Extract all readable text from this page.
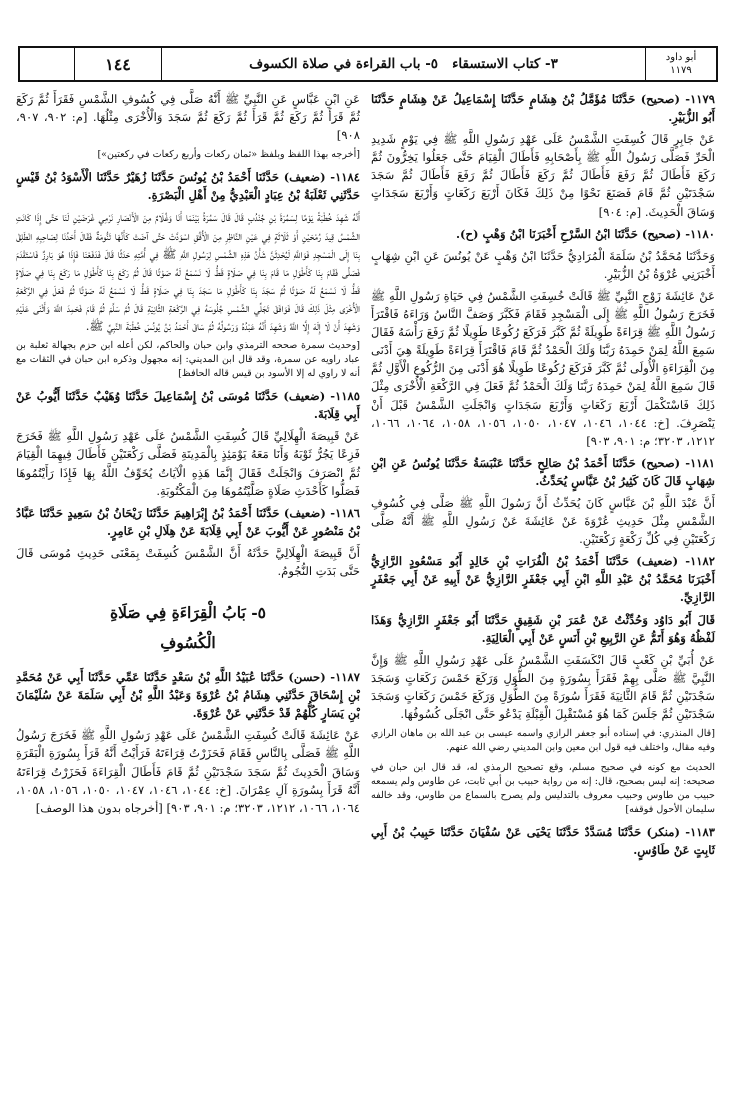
أبو داود
١١٧٩
٣- كتاب الاستسقاء
٥- باب القراءة في صلاة الكسوف
١٤٤

١١٧٩- (صحيح) حَدَّثَنَا مُؤَمَّلُ بْنُ هِشَامٍ حَدَّثَنَا إِسْمَاعِيلُ عَنْ هِشَامٍ حَدَّثَنَا أَبُو الزُّبَيْرِ.

عَنْ جَابِرٍ قَالَ كُسِفَتِ الشَّمْسُ عَلَى عَهْدِ رَسُولِ اللَّهِ ﷺ فِي يَوْمٍ شَدِيدِ الْحَرِّ فَصَلَّى رَسُولُ اللَّهِ ﷺ بِأَصْحَابِهِ فَأَطَالَ الْقِيَامَ حَتَّى جَعَلُوا يَخِرُّونَ ثُمَّ رَكَعَ فَأَطَالَ ثُمَّ رَفَعَ فَأَطَالَ ثُمَّ رَكَعَ فَأَطَالَ ثُمَّ رَفَعَ فَأَطَالَ ثُمَّ سَجَدَ سَجْدَتَيْنِ ثُمَّ قَامَ فَصَنَعَ نَحْوًا مِنْ ذَلِكَ فَكَانَ أَرْبَعَ رَكَعَاتٍ وَأَرْبَعَ سَجَدَاتٍ وَسَاقَ الْحَدِيثَ. [م: ٩٠٤]

١١٨٠- (صحيح) حَدَّثَنَا ابْنُ السَّرْحِ أَخْبَرَنَا ابْنُ وَهْبٍ (ح).

وَحَدَّثَنَا مُحَمَّدُ بْنُ سَلَمَةَ الْمُرَادِيُّ حَدَّثَنَا ابْنُ وَهْبٍ عَنْ يُونُسَ عَنِ ابْنِ شِهَابٍ أَخْبَرَنِي عُرْوَةُ بْنُ الزُّبَيْرِ.

عَنْ عَائِشَةَ زَوْجِ النَّبِيِّ ﷺ قَالَتْ خُسِفَتِ الشَّمْسُ فِي حَيَاةِ رَسُولِ اللَّهِ ﷺ فَخَرَجَ رَسُولُ اللَّهِ ﷺ إِلَى الْمَسْجِدِ فَقَامَ فَكَبَّرَ وَصَفَّ النَّاسُ وَرَاءَهُ فَاقْتَرَأَ رَسُولُ اللَّهِ ﷺ قِرَاءَةً طَوِيلَةً ثُمَّ كَبَّرَ فَرَكَعَ رُكُوعًا طَوِيلًا ثُمَّ رَفَعَ رَأْسَهُ فَقَالَ سَمِعَ اللَّهُ لِمَنْ حَمِدَهُ رَبَّنَا وَلَكَ الْحَمْدُ ثُمَّ قَامَ فَاقْتَرَأَ قِرَاءَةً طَوِيلَةً هِيَ أَدْنَى مِنَ الْقِرَاءَةِ الْأُولَى ثُمَّ كَبَّرَ فَرَكَعَ رُكُوعًا طَوِيلًا هُوَ أَدْنَى مِنَ الرُّكُوعِ الْأَوَّلِ ثُمَّ قَالَ سَمِعَ اللَّهُ لِمَنْ حَمِدَهُ رَبَّنَا وَلَكَ الْحَمْدُ ثُمَّ فَعَلَ فِي الرَّكْعَةِ الْأُخْرَى مِثْلَ ذَلِكَ فَاسْتَكْمَلَ أَرْبَعَ رَكَعَاتٍ وَأَرْبَعَ سَجَدَاتٍ وَانْجَلَتِ الشَّمْسُ قَبْلَ أَنْ يَنْصَرِفَ. [خ: ١٠٤٤، ١٠٤٦، ١٠٤٧، ١٠٥٠، ١٠٥٦، ١٠٥٨، ١٠٦٤، ١٠٦٦، ١٢١٢، ٣٢٠٣؛ م: ٩٠١، ٩٠٣]

١١٨١- (صحيح) حَدَّثَنَا أَحْمَدُ بْنُ صَالِحٍ حَدَّثَنَا عَنْبَسَةُ حَدَّثَنَا يُونُسُ عَنِ ابْنِ شِهَابٍ قَالَ كَانَ كَثِيرُ بْنُ عَبَّاسٍ يُحَدِّثُ.

أَنَّ عَبْدَ اللَّهِ بْنَ عَبَّاسٍ كَانَ يُحَدِّثُ أَنَّ رَسُولَ اللَّهِ ﷺ صَلَّى فِي كُسُوفِ الشَّمْسِ مِثْلَ حَدِيثِ عُرْوَةَ عَنْ عَائِشَةَ عَنْ رَسُولِ اللَّهِ ﷺ أَنَّهُ صَلَّى رَكْعَتَيْنِ فِي كُلِّ رَكْعَةٍ رَكْعَتَيْنِ.

١١٨٢- (ضعيف) حَدَّثَنَا أَحْمَدُ بْنُ الْفُرَاتِ بْنِ خَالِدٍ أَبُو مَسْعُودٍ الرَّازِيُّ أَخْبَرَنَا مُحَمَّدُ بْنُ عَبْدِ اللَّهِ ابْنِ أَبِي جَعْفَرٍ الرَّازِيُّ عَنْ أَبِيهِ عَنْ أَبِي جَعْفَرٍ الرَّازِيِّ.

قَالَ أَبُو دَاوُد وَحُدِّثْتُ عَنْ عُمَرَ بْنِ شَقِيقٍ حَدَّثَنَا أَبُو جَعْفَرٍ الرَّازِيُّ وَهَذَا لَفْظُهُ وَهُوَ أَتَمُّ عَنِ الرَّبِيعِ بْنِ أَنَسٍ عَنْ أَبِي الْعَالِيَةِ.

عَنْ أُبَيِّ بْنِ كَعْبٍ قَالَ انْكَسَفَتِ الشَّمْسُ عَلَى عَهْدِ رَسُولِ اللَّهِ ﷺ وَإِنَّ النَّبِيَّ ﷺ صَلَّى بِهِمْ فَقَرَأَ بِسُورَةٍ مِنَ الطُّوَلِ وَرَكَعَ خَمْسَ رَكَعَاتٍ وَسَجَدَ سَجْدَتَيْنِ ثُمَّ قَامَ الثَّانِيَةَ فَقَرَأَ سُورَةً مِنَ الطُّوَلِ وَرَكَعَ خَمْسَ رَكَعَاتٍ وَسَجَدَ سَجْدَتَيْنِ ثُمَّ جَلَسَ كَمَا هُوَ مُسْتَقْبِلَ الْقِبْلَةِ يَدْعُو حَتَّى انْجَلَى كُسُوفُهَا.

[قال المنذري: في إسناده أبو جعفر الرازي واسمه عيسى بن عبد الله بن ماهان الرازي وفيه مقال، واختلف فيه قول ابن معين وابن المديني رضي الله عنهم.

الحديث مع كونه في صحيح مسلم، وقع تصحيح الرمذي له، قد قال ابن حبان في صحيحه: إنه ليس بصحيح، قال: إنه من رواية حبيب بن أبي ثابت، عن طاوس ولم يسمعه حبيب من طاوس وحبيب معروف بالتدليس ولم يصرح بالسماع من طاوس، وقد خالفه سليمان الأحول فوقفه]

١١٨٣- (منكر) حَدَّثَنَا مُسَدَّدٌ حَدَّثَنَا يَحْيَى عَنْ سُفْيَانَ حَدَّثَنَا حَبِيبُ بْنُ أَبِي ثَابِتٍ عَنْ طَاوُسٍ.

عَنِ ابْنِ عَبَّاسٍ عَنِ النَّبِيِّ ﷺ أَنَّهُ صَلَّى فِي كُسُوفِ الشَّمْسِ فَقَرَأَ ثُمَّ رَكَعَ ثُمَّ قَرَأَ ثُمَّ رَكَعَ ثُمَّ قَرَأَ ثُمَّ رَكَعَ ثُمَّ سَجَدَ وَالْأُخْرَى مِثْلُهَا. [م: ٩٠٢، ٩٠٧، ٩٠٨]

[أخرجه بهذا اللفظ وبلفظ «ثمان ركعات وأربع ركعات في ركعتين»]

١١٨٤- (ضعيف) حَدَّثَنَا أَحْمَدُ بْنُ يُونُسَ حَدَّثَنَا زُهَيْرٌ حَدَّثَنَا الْأَسْوَدُ بْنُ قَيْسٍ حَدَّثَنِي ثَعْلَبَةُ بْنُ عِبَادٍ الْعَبْدِيُّ مِنْ أَهْلِ الْبَصْرَةِ.

أَنَّهُ شَهِدَ خُطْبَةً يَوْمًا لِسَمُرَةَ بْنِ جُنْدُبٍ قَالَ قَالَ سَمُرَةُ بَيْنَمَا أَنَا وَغُلَامٌ مِنَ الْأَنْصَارِ نَرْمِي غَرَضَيْنِ لَنَا حَتَّى إِذَا كَانَتِ الشَّمْسُ قِيدَ رُمْحَيْنِ أَوْ ثَلَاثَةٍ فِي عَيْنِ النَّاظِرِ مِنَ الْأُفُقِ اسْوَدَّتْ حَتَّى آضَتْ كَأَنَّهَا تَنُّومَةٌ فَقَالَ أَحَدُنَا لِصَاحِبِهِ انْطَلِقْ بِنَا إِلَى الْمَسْجِدِ فَوَاللَّهِ لَيُحْدِثَنَّ شَأْنُ هَذِهِ الشَّمْسِ لِرَسُولِ اللَّهِ ﷺ فِي أُمَّتِهِ حَدَثًا قَالَ فَدَفَعْنَا فَإِذَا هُوَ بَارِزٌ فَاسْتَقْدَمَ فَصَلَّى فَقَامَ بِنَا كَأَطْوَلِ مَا قَامَ بِنَا فِي صَلَاةٍ قَطُّ لَا نَسْمَعُ لَهُ صَوْتًا قَالَ ثُمَّ رَكَعَ بِنَا كَأَطْوَلِ مَا رَكَعَ بِنَا فِي صَلَاةٍ قَطُّ لَا نَسْمَعُ لَهُ صَوْتًا ثُمَّ سَجَدَ بِنَا كَأَطْوَلِ مَا سَجَدَ بِنَا فِي صَلَاةٍ قَطُّ لَا نَسْمَعُ لَهُ صَوْتًا ثُمَّ فَعَلَ فِي الرَّكْعَةِ الْأُخْرَى مِثْلَ ذَلِكَ قَالَ فَوَافَقَ تَجَلِّي الشَّمْسِ جُلُوسَهُ فِي الرَّكْعَةِ الثَّانِيَةِ قَالَ ثُمَّ سَلَّمَ ثُمَّ قَامَ فَحَمِدَ اللَّهَ وَأَثْنَى عَلَيْهِ وَشَهِدَ أَنْ لَا إِلَهَ إِلَّا اللَّهُ وَشَهِدَ أَنَّهُ عَبْدُهُ وَرَسُولُهُ ثُمَّ سَاقَ أَحْمَدُ بْنُ يُونُسَ خُطْبَةَ النَّبِيِّ ﷺ.

[وحديث سمرة صححه الترمذي وابن حبان والحاكم، لكن أعله ابن حزم بجهالة ثعلبة بن عباد راويه عن سمرة، وقد قال ابن المديني: إنه مجهول وذكره ابن حبان في الثقات مع أنه لا راوي له إلا الأسود بن قيس قاله الحافظ]

١١٨٥- (ضعيف) حَدَّثَنَا مُوسَى بْنُ إِسْمَاعِيلَ حَدَّثَنَا وُهَيْبٌ حَدَّثَنَا أَيُّوبُ عَنْ أَبِي قِلَابَةَ.

عَنْ قَبِيصَةَ الْهِلَالِيِّ قَالَ كُسِفَتِ الشَّمْسُ عَلَى عَهْدِ رَسُولِ اللَّهِ ﷺ فَخَرَجَ فَزِعًا يَجُرُّ ثَوْبَهُ وَأَنَا مَعَهُ يَوْمَئِذٍ بِالْمَدِينَةِ فَصَلَّى رَكْعَتَيْنِ فَأَطَالَ فِيهِمَا الْقِيَامَ ثُمَّ انْصَرَفَ وَانْجَلَتْ فَقَالَ إِنَّمَا هَذِهِ الْآيَاتُ يُخَوِّفُ اللَّهُ بِهَا فَإِذَا رَأَيْتُمُوهَا فَصَلُّوا كَأَحْدَثِ صَلَاةٍ صَلَّيْتُمُوهَا مِنَ الْمَكْتُوبَةِ.

١١٨٦- (ضعيف) حَدَّثَنَا أَحْمَدُ بْنُ إِبْرَاهِيمَ حَدَّثَنَا رَيْحَانُ بْنُ سَعِيدٍ حَدَّثَنَا عَبَّادُ بْنُ مَنْصُورٍ عَنْ أَيُّوبَ عَنْ أَبِي قِلَابَةَ عَنْ هِلَالِ بْنِ عَامِرٍ.

أَنَّ قَبِيصَةَ الْهِلَالِيَّ حَدَّثَهُ أَنَّ الشَّمْسَ كُسِفَتْ بِمَعْنَى حَدِيثِ مُوسَى قَالَ حَتَّى بَدَتِ النُّجُومُ.

٥- بَابُ الْقِرَاءَةِ فِي صَلَاةِ
الْكُسُوفِ

١١٨٧- (حسن) حَدَّثَنَا عُبَيْدُ اللَّهِ بْنُ سَعْدٍ حَدَّثَنَا عَمِّي حَدَّثَنَا أَبِي عَنْ مُحَمَّدِ بْنِ إِسْحَاقَ حَدَّثَنِي هِشَامُ بْنُ عُرْوَةَ وَعَبْدُ اللَّهِ بْنُ أَبِي سَلَمَةَ عَنْ سُلَيْمَانَ بْنِ يَسَارٍ كُلُّهُمْ قَدْ حَدَّثَنِي عَنْ عُرْوَةَ.

عَنْ عَائِشَةَ قَالَتْ كُسِفَتِ الشَّمْسُ عَلَى عَهْدِ رَسُولِ اللَّهِ ﷺ فَخَرَجَ رَسُولُ اللَّهِ ﷺ فَصَلَّى بِالنَّاسِ فَقَامَ فَحَزَرْتُ قِرَاءَتَهُ فَرَأَيْتُ أَنَّهُ قَرَأَ بِسُورَةِ الْبَقَرَةِ وَسَاقَ الْحَدِيثَ ثُمَّ سَجَدَ سَجْدَتَيْنِ ثُمَّ قَامَ فَأَطَالَ الْقِرَاءَةَ فَحَزَرْتُ قِرَاءَتَهُ أَنَّهُ قَرَأَ بِسُورَةِ آلِ عِمْرَانَ. [خ: ١٠٤٤، ١٠٤٦، ١٠٤٧، ١٠٥٠، ١٠٥٦، ١٠٥٨، ١٠٦٤، ١٠٦٦، ١٢١٢، ٣٢٠٣؛ م: ٩٠١، ٩٠٣] [أخرجاه بدون هذا الوصف]
